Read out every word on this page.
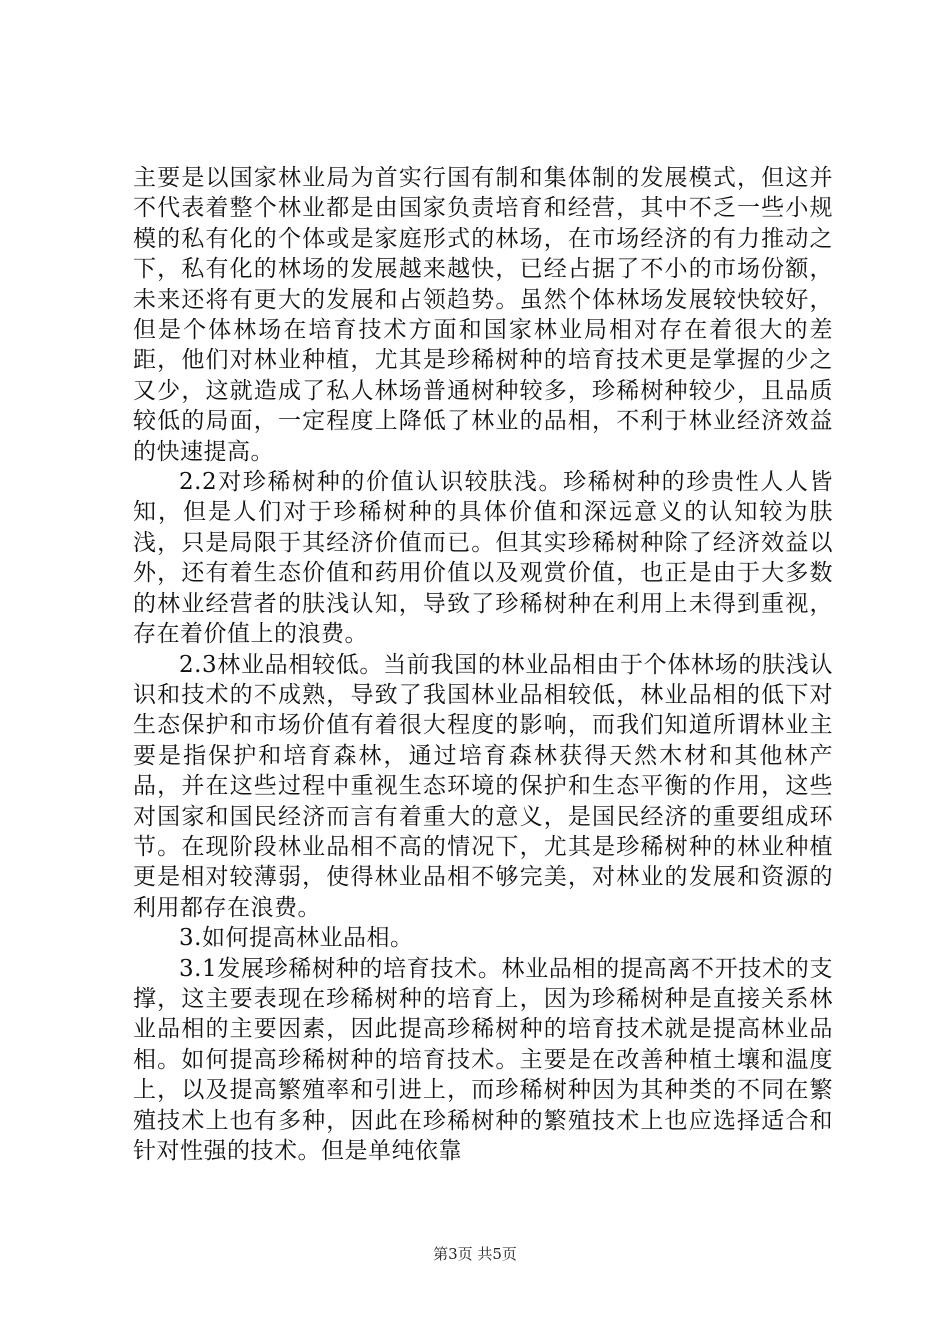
主要是以国家林业局为首实行国有制和集体制的发展模式，但这并不代表着整个林业都是由国家负责培育和经营，其中不乏一些小规模的私有化的个体或是家庭形式的林场，在市场经济的有力推动之下，私有化的林场的发展越来越快，已经占据了不小的市场份额，未来还将有更大的发展和占领趋势。虽然个体林场发展较快较好，但是个体林场在培育技术方面和国家林业局相对存在着很大的差距，他们对林业种植，尤其是珍稀树种的培育技术更是掌握的少之又少，这就造成了私人林场普通树种较多，珍稀树种较少，且品质较低的局面，一定程度上降低了林业的品相，不利于林业经济效益的快速提高。

2.2对珍稀树种的价值认识较肤浅。珍稀树种的珍贵性人人皆知，但是人们对于珍稀树种的具体价值和深远意义的认知较为肤浅，只是局限于其经济价值而已。但其实珍稀树种除了经济效益以外，还有着生态价值和药用价值以及观赏价值，也正是由于大多数的林业经营者的肤浅认知，导致了珍稀树种在利用上未得到重视，存在着价值上的浪费。

2.3林业品相较低。当前我国的林业品相由于个体林场的肤浅认识和技术的不成熟，导致了我国林业品相较低，林业品相的低下对生态保护和市场价值有着很大程度的影响，而我们知道所谓林业主要是指保护和培育森林，通过培育森林获得天然木材和其他林产品，并在这些过程中重视生态环境的保护和生态平衡的作用，这些对国家和国民经济而言有着重大的意义，是国民经济的重要组成环节。在现阶段林业品相不高的情况下，尤其是珍稀树种的林业种植更是相对较薄弱，使得林业品相不够完美，对林业的发展和资源的利用都存在浪费。

3.如何提高林业品相。

3.1发展珍稀树种的培育技术。林业品相的提高离不开技术的支撑，这主要表现在珍稀树种的培育上，因为珍稀树种是直接关系林业品相的主要因素，因此提高珍稀树种的培育技术就是提高林业品相。如何提高珍稀树种的培育技术。主要是在改善种植土壤和温度上，以及提高繁殖率和引进上，而珍稀树种因为其种类的不同在繁殖技术上也有多种，因此在珍稀树种的繁殖技术上也应选择适合和针对性强的技术。但是单纯依靠

第3页 共5页
